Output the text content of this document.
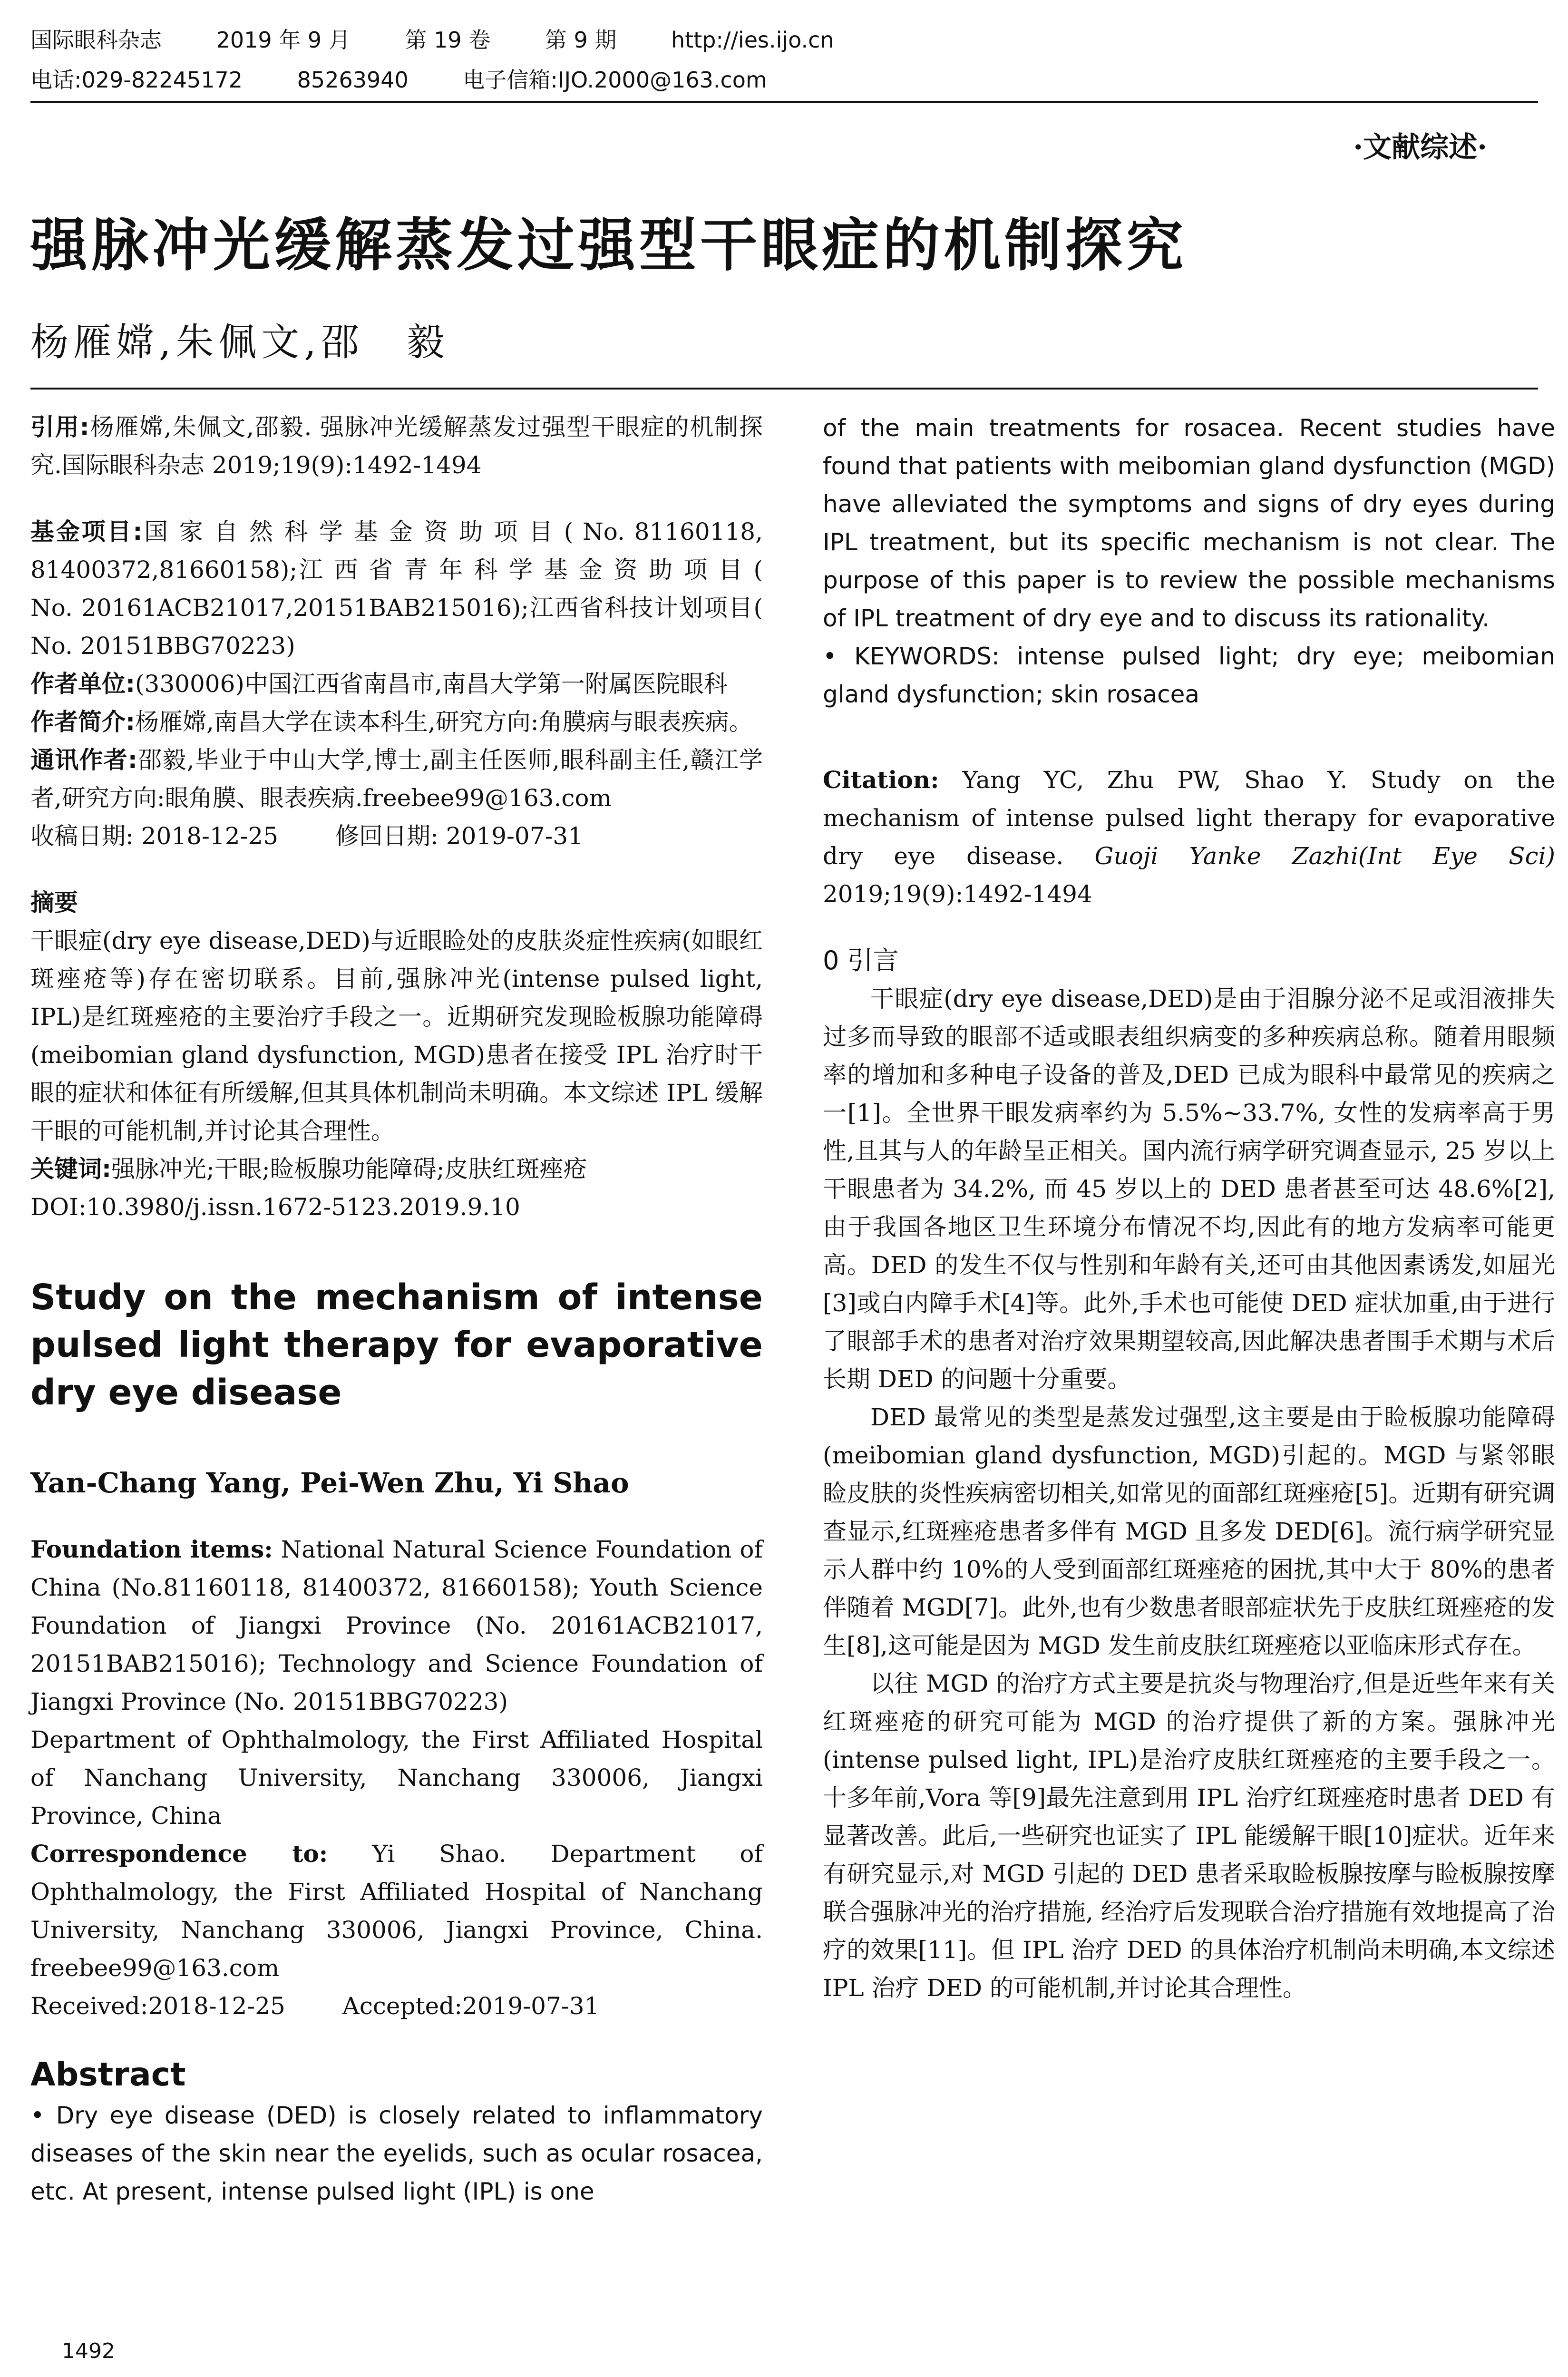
国际眼科杂志 2019 年 9 月 第 19 卷 第 9 期 http://ies.ijo.cn
电话:029-82245172 85263940 电子信箱:IJO.2000@163.com
·文献综述·
强脉冲光缓解蒸发过强型干眼症的机制探究
杨雁嫦,朱佩文,邵　毅

引用:杨雁嫦,朱佩文,邵毅. 强脉冲光缓解蒸发过强型干眼症的机制探究.国际眼科杂志 2019;19(9):1492-1494

基金项目:国 家 自 然 科 学 基 金 资 助 项 目 ( No. 81160118, 81400372,81660158);江 西 省 青 年 科 学 基 金 资 助 项 目 ( No. 20161ACB21017,20151BAB215016);江西省科技计划项目( No. 20151BBG70223)

作者单位:(330006)中国江西省南昌市,南昌大学第一附属医院眼科

作者简介:杨雁嫦,南昌大学在读本科生,研究方向:角膜病与眼表疾病。

通讯作者:邵毅,毕业于中山大学,博士,副主任医师,眼科副主任,赣江学者,研究方向:眼角膜、眼表疾病.freebee99@163.com

收稿日期: 2018-12-25 修回日期: 2019-07-31

摘要

干眼症(dry eye disease,DED)与近眼睑处的皮肤炎症性疾病(如眼红斑痤疮等)存在密切联系。目前,强脉冲光(intense pulsed light, IPL)是红斑痤疮的主要治疗手段之一。近期研究发现睑板腺功能障碍(meibomian gland dysfunction, MGD)患者在接受 IPL 治疗时干眼的症状和体征有所缓解,但其具体机制尚未明确。本文综述 IPL 缓解干眼的可能机制,并讨论其合理性。

关键词:强脉冲光;干眼;睑板腺功能障碍;皮肤红斑痤疮

DOI:10.3980/j.issn.1672-5123.2019.9.10

Study on the mechanism of intense pulsed light therapy for evaporative dry eye disease

Yan-Chang Yang, Pei-Wen Zhu, Yi Shao

Foundation items: National Natural Science Foundation of China (No.81160118, 81400372, 81660158); Youth Science Foundation of Jiangxi Province (No. 20161ACB21017, 20151BAB215016); Technology and Science Foundation of Jiangxi Province (No. 20151BBG70223)

Department of Ophthalmology, the First Affiliated Hospital of Nanchang University, Nanchang 330006, Jiangxi Province, China

Correspondence to: Yi Shao. Department of Ophthalmology, the First Affiliated Hospital of Nanchang University, Nanchang 330006, Jiangxi Province, China. freebee99@163.com

Received:2018-12-25 Accepted:2019-07-31

Abstract

• Dry eye disease (DED) is closely related to inflammatory diseases of the skin near the eyelids, such as ocular rosacea, etc. At present, intense pulsed light (IPL) is one

of the main treatments for rosacea. Recent studies have found that patients with meibomian gland dysfunction (MGD) have alleviated the symptoms and signs of dry eyes during IPL treatment, but its specific mechanism is not clear. The purpose of this paper is to review the possible mechanisms of IPL treatment of dry eye and to discuss its rationality.

• KEYWORDS: intense pulsed light; dry eye; meibomian gland dysfunction; skin rosacea

Citation: Yang YC, Zhu PW, Shao Y. Study on the mechanism of intense pulsed light therapy for evaporative dry eye disease. Guoji Yanke Zazhi(Int Eye Sci) 2019;19(9):1492-1494

0 引言

干眼症(dry eye disease,DED)是由于泪腺分泌不足或泪液排失过多而导致的眼部不适或眼表组织病变的多种疾病总称。随着用眼频率的增加和多种电子设备的普及,DED 已成为眼科中最常见的疾病之一[1]。全世界干眼发病率约为 5.5%~33.7%, 女性的发病率高于男性,且其与人的年龄呈正相关。国内流行病学研究调查显示, 25 岁以上干眼患者为 34.2%, 而 45 岁以上的 DED 患者甚至可达 48.6%[2],由于我国各地区卫生环境分布情况不均,因此有的地方发病率可能更高。DED 的发生不仅与性别和年龄有关,还可由其他因素诱发,如屈光[3]或白内障手术[4]等。此外,手术也可能使 DED 症状加重,由于进行了眼部手术的患者对治疗效果期望较高,因此解决患者围手术期与术后长期 DED 的问题十分重要。

DED 最常见的类型是蒸发过强型,这主要是由于睑板腺功能障碍(meibomian gland dysfunction, MGD)引起的。MGD 与紧邻眼睑皮肤的炎性疾病密切相关,如常见的面部红斑痤疮[5]。近期有研究调查显示,红斑痤疮患者多伴有 MGD 且多发 DED[6]。流行病学研究显示人群中约 10%的人受到面部红斑痤疮的困扰,其中大于 80%的患者伴随着 MGD[7]。此外,也有少数患者眼部症状先于皮肤红斑痤疮的发生[8],这可能是因为 MGD 发生前皮肤红斑痤疮以亚临床形式存在。

以往 MGD 的治疗方式主要是抗炎与物理治疗,但是近些年来有关红斑痤疮的研究可能为 MGD 的治疗提供了新的方案。强脉冲光(intense pulsed light, IPL)是治疗皮肤红斑痤疮的主要手段之一。十多年前,Vora 等[9]最先注意到用 IPL 治疗红斑痤疮时患者 DED 有显著改善。此后,一些研究也证实了 IPL 能缓解干眼[10]症状。近年来有研究显示,对 MGD 引起的 DED 患者采取睑板腺按摩与睑板腺按摩联合强脉冲光的治疗措施, 经治疗后发现联合治疗措施有效地提高了治疗的效果[11]。但 IPL 治疗 DED 的具体治疗机制尚未明确,本文综述 IPL 治疗 DED 的可能机制,并讨论其合理性。

1492
